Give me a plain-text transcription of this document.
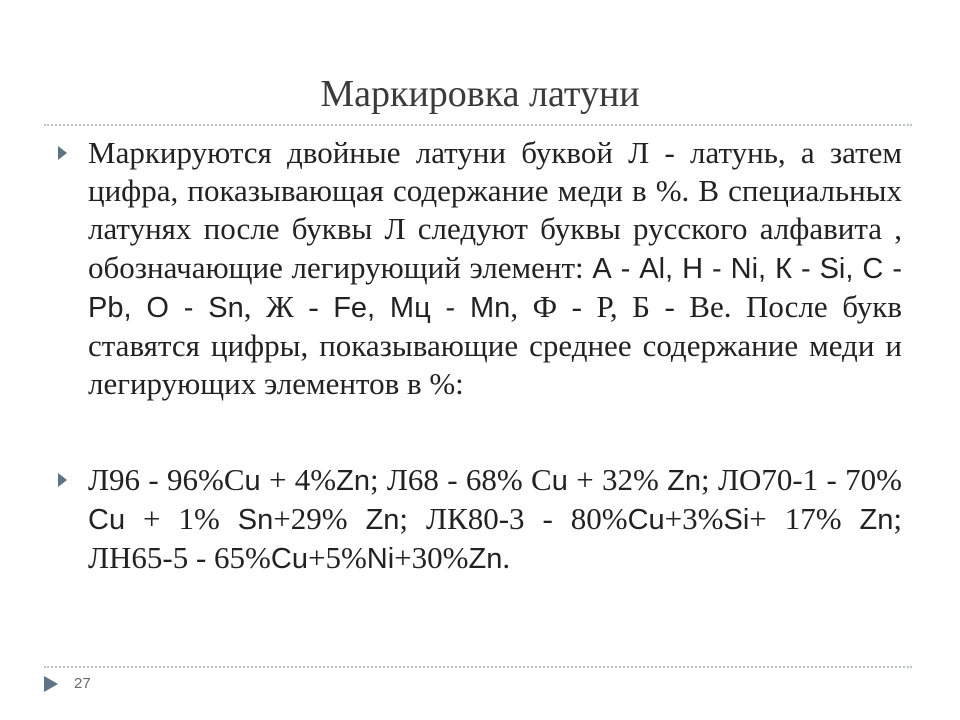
Маркировка латуни
Маркируются двойные латуни буквой Л - латунь, а затем цифра, показывающая содержание меди в %. В специальных латунях после буквы Л следуют буквы русского алфавита , обозначающие легирующий элемент: А - Al, Н - Ni, К - Si, С - Pb, О - Sn, Ж - Fe, Мц - Mn, Ф - Р, Б - Ве. После букв ставятся цифры, показывающие среднее содержание меди и легирующих элементов в %:
Л96 - 96%Сu + 4%Zn; Л68 - 68% Сu + 32% Zn; ЛО70-1 - 70% Cu + 1% Sn+29% Zn; ЛК80-3 - 80%Cu+3%Si+ 17% Zn; ЛН65-5 - 65%Cu+5%Ni+30%Zn.
27
